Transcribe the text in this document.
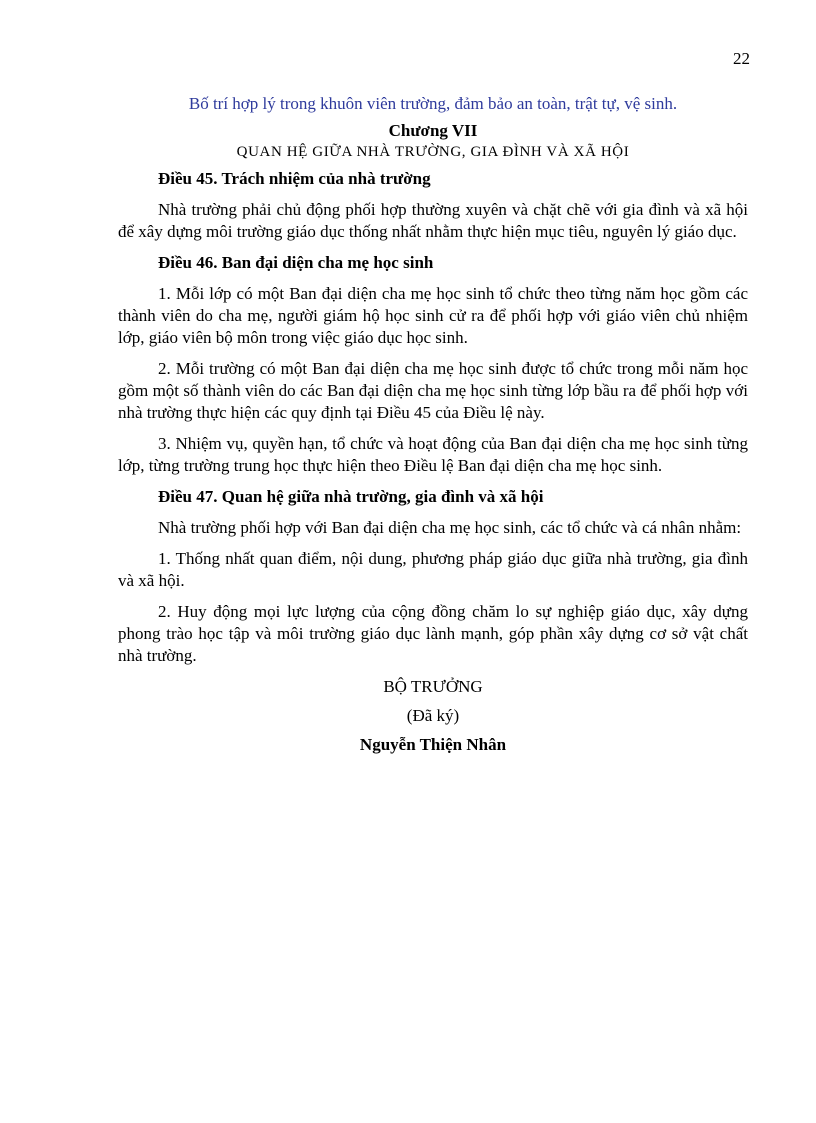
22

Bố trí hợp lý trong khuôn viên trường, đảm bảo an toàn, trật tự, vệ sinh.

Chương VII

QUAN HỆ GIỮA NHÀ TRƯỜNG, GIA ĐÌNH VÀ XÃ HỘI

Điều 45. Trách nhiệm của nhà trường

Nhà trường phải chủ động phối hợp thường xuyên và chặt chẽ với gia đình và xã hội để xây dựng môi trường giáo dục thống nhất nhằm thực hiện mục tiêu, nguyên lý giáo dục.

Điều 46. Ban đại diện cha mẹ học sinh

1. Mỗi lớp có một Ban đại diện cha mẹ học sinh tổ chức theo từng năm học gồm các thành viên do cha mẹ, người giám hộ học sinh cử ra để phối hợp với giáo viên chủ nhiệm lớp, giáo viên bộ môn trong việc giáo dục học sinh.

2. Mỗi trường có một Ban đại diện cha mẹ học sinh được tổ chức trong mỗi năm học gồm một số thành viên do các Ban đại diện cha mẹ học sinh từng lớp bầu ra để phối hợp với nhà trường thực hiện các quy định tại Điều 45 của Điều lệ này.

3. Nhiệm vụ, quyền hạn, tổ chức và hoạt động của Ban đại diện cha mẹ học sinh từng lớp, từng trường trung học thực hiện theo Điều lệ Ban đại diện cha mẹ học sinh.

Điều 47. Quan hệ giữa nhà trường, gia đình và xã hội

Nhà trường phối hợp với Ban đại diện cha mẹ học sinh, các tổ chức và cá nhân nhằm:

1. Thống nhất quan điểm, nội dung, phương pháp giáo dục giữa nhà trường, gia đình và xã hội.

2. Huy động mọi lực lượng của cộng đồng chăm lo sự nghiệp giáo dục, xây dựng phong trào học tập và môi trường giáo dục lành mạnh, góp phần xây dựng cơ sở vật chất nhà trường.

BỘ TRƯỞNG

(Đã ký)

Nguyễn Thiện Nhân
